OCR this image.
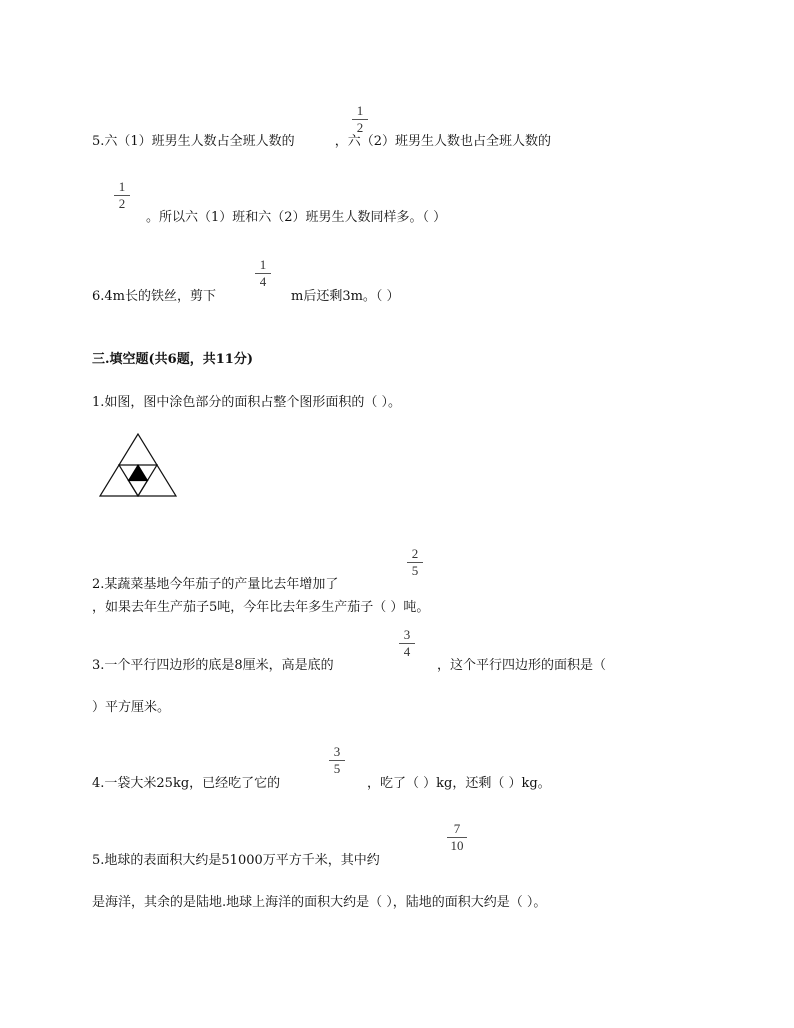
1
2
5.六（1）班男生人数占全班人数的	，六（2）班男生人数也占全班人数的
1
2
。所以六（1）班和六（2）班男生人数同样多。（ ）
1
4
6.4m长的铁丝，剪下	m后还剩3m。（ ）
三.填空题(共6题，共11分)
1.如图，图中涂色部分的面积占整个图形面积的（ ）。
2
5
2.某蔬菜基地今年茄子的产量比去年增加了
，如果去年生产茄子5吨，今年比去年多生产茄子（ ）吨。
3
4
3.一个平行四边形的底是8厘米，高是底的	，这个平行四边形的面积是（
）平方厘米。
3
5
4.一袋大米25kg，已经吃了它的	，吃了（ ）kg，还剩（ ）kg。
7
10
5.地球的表面积大约是51000万平方千米，其中约
是海洋，其余的是陆地.地球上海洋的面积大约是（ ），陆地的面积大约是（ ）。
